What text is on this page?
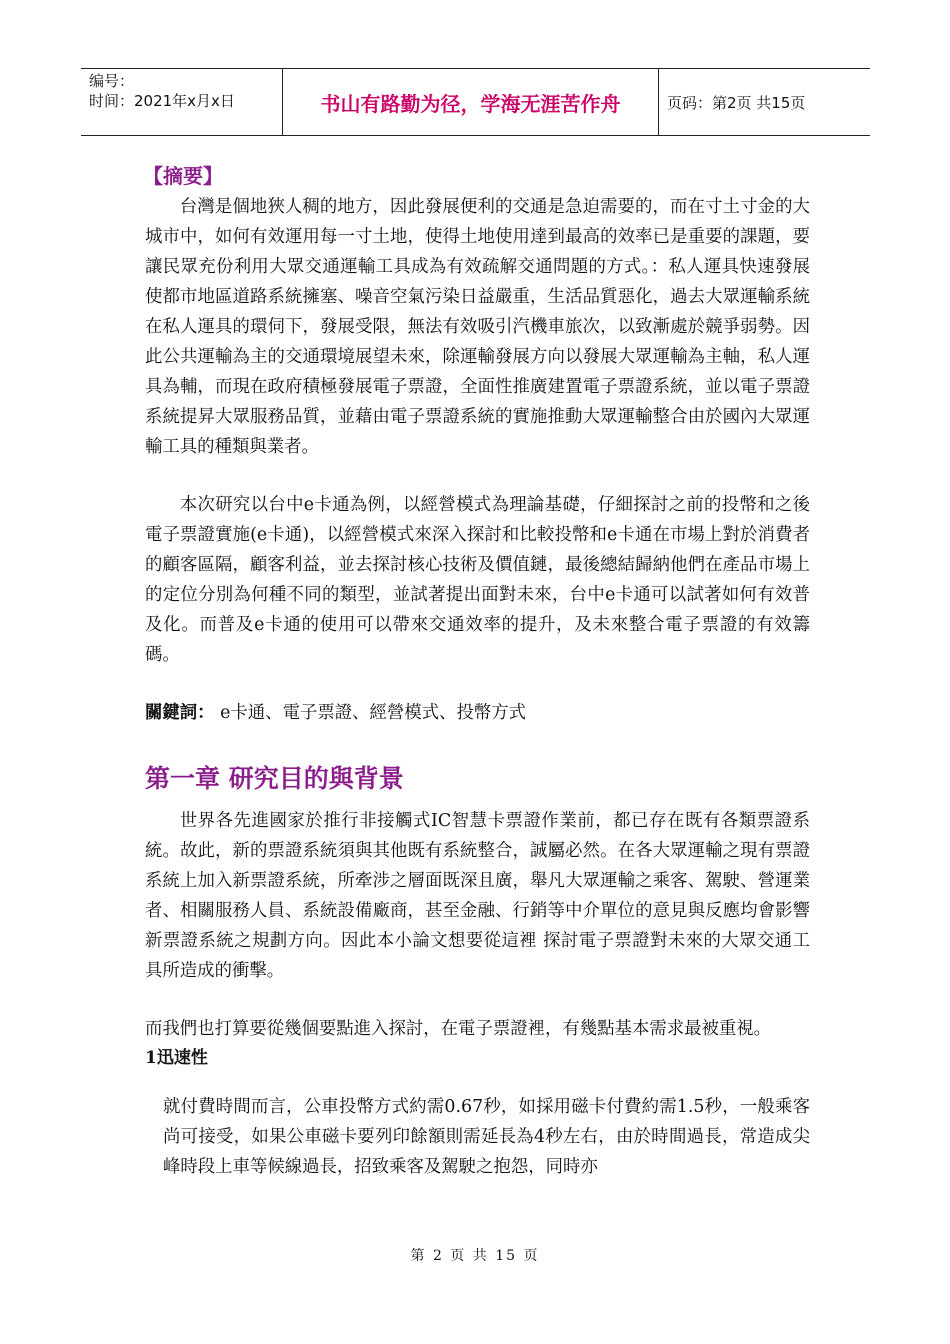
编号：
时间：2021年x月x日	书山有路勤为径，学海无涯苦作舟	页码：第2页 共15页
【摘要】

台灣是個地狹人稠的地方，因此發展便利的交通是急迫需要的，而在寸土寸金的大城市中，如何有效運用每一寸土地，使得土地使用達到最高的效率已是重要的課題，要讓民眾充份利用大眾交通運輸工具成為有效疏解交通問題的方式。：私人運具快速發展使都市地區道路系統擁塞、噪音空氣污染日益嚴重，生活品質惡化，過去大眾運輸系統在私人運具的環伺下，發展受限，無法有效吸引汽機車旅次，以致漸處於競爭弱勢。因此公共運輸為主的交通環境展望未來，除運輸發展方向以發展大眾運輸為主軸，私人運具為輔，而現在政府積極發展電子票證，全面性推廣建置電子票證系統，並以電子票證系統提昇大眾服務品質，並藉由電子票證系統的實施推動大眾運輸整合由於國內大眾運輸工具的種類與業者。

本次研究以台中e卡通為例，以經營模式為理論基礎，仔細探討之前的投幣和之後電子票證實施(e卡通)，以經營模式來深入探討和比較投幣和e卡通在市場上對於消費者的顧客區隔，顧客利益，並去探討核心技術及價值鏈，最後總結歸納他們在產品市場上的定位分別為何種不同的類型，並試著提出面對未來，台中e卡通可以試著如何有效普及化。而普及e卡通的使用可以帶來交通效率的提升，及未來整合電子票證的有效籌碼。

關鍵詞： e卡通、電子票證、經營模式、投幣方式

第一章 研究目的與背景

世界各先進國家於推行非接觸式IC智慧卡票證作業前，都已存在既有各類票證系統。故此，新的票證系統須與其他既有系統整合，誠屬必然。在各大眾運輸之現有票證系統上加入新票證系統，所牽涉之層面既深且廣，舉凡大眾運輸之乘客、駕駛、營運業者、相關服務人員、系統設備廠商，甚至金融、行銷等中介單位的意見與反應均會影響新票證系統之規劃方向。因此本小論文想要從這裡 探討電子票證對未來的大眾交通工具所造成的衝擊。

而我們也打算要從幾個要點進入探討，在電子票證裡，有幾點基本需求最被重視。

1迅速性

就付費時間而言，公車投幣方式約需0.67秒，如採用磁卡付費約需1.5秒，一般乘客尚可接受，如果公車磁卡要列印餘額則需延長為4秒左右，由於時間過長，常造成尖峰時段上車等候線過長，招致乘客及駕駛之抱怨，同時亦

第 2 页 共 15 页
